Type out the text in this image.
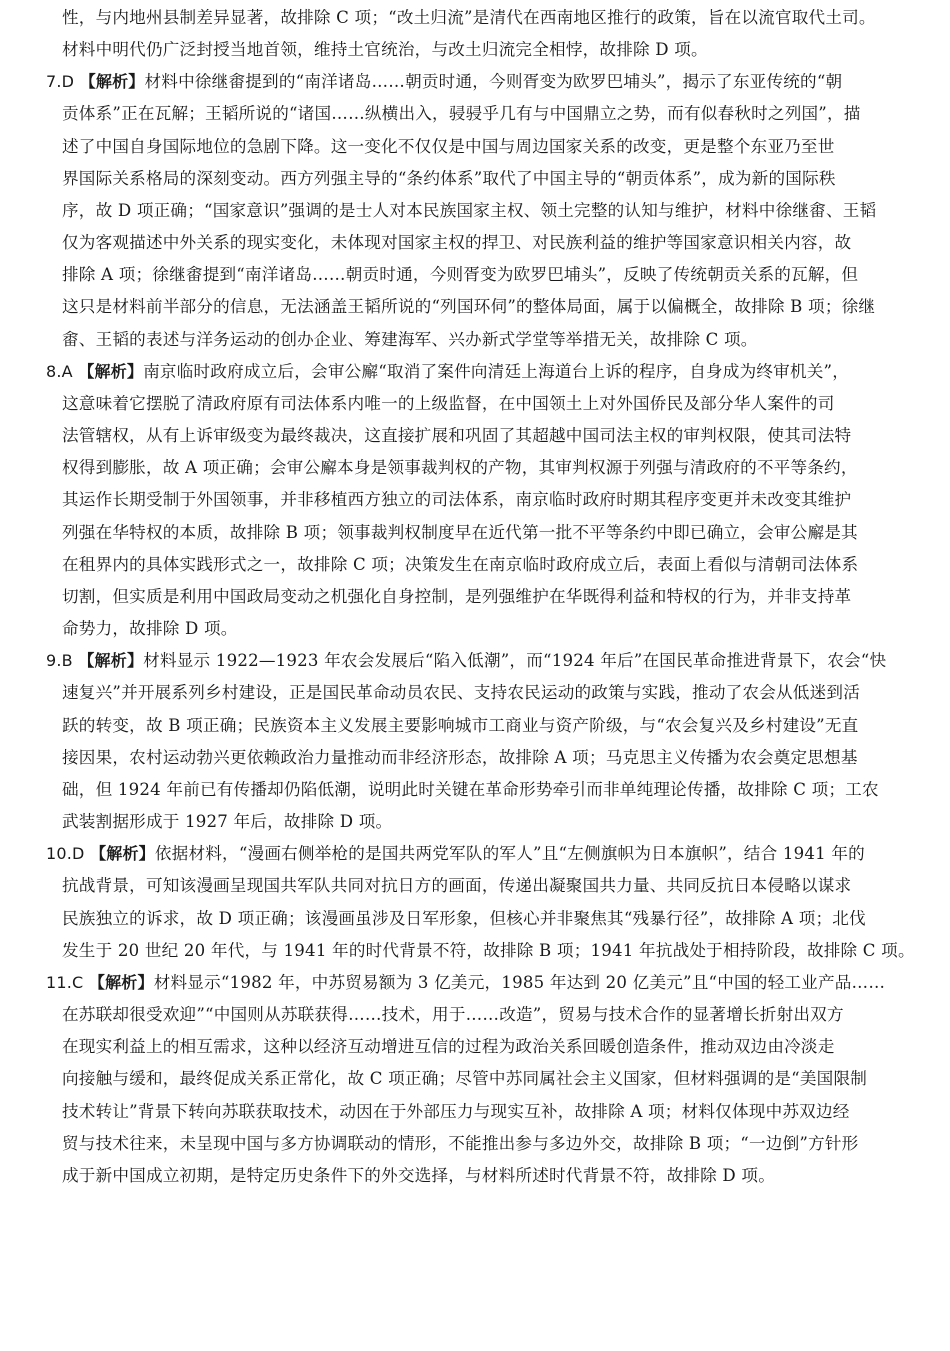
性，与内地州县制差异显著，故排除 C 项；“改土归流”是清代在西南地区推行的政策，旨在以流官取代土司。
材料中明代仍广泛封授当地首领，维持土官统治，与改土归流完全相悖，故排除 D 项。
7.D 【解析】材料中徐继畬提到的“南洋诸岛……朝贡时通，今则胥变为欧罗巴埔头”，揭示了东亚传统的“朝
贡体系”正在瓦解；王韬所说的“诸国……纵横出入，骎骎乎几有与中国鼎立之势，而有似春秋时之列国”，描
述了中国自身国际地位的急剧下降。这一变化不仅仅是中国与周边国家关系的改变，更是整个东亚乃至世
界国际关系格局的深刻变动。西方列强主导的“条约体系”取代了中国主导的“朝贡体系”，成为新的国际秩
序，故 D 项正确；“国家意识”强调的是士人对本民族国家主权、领土完整的认知与维护，材料中徐继畬、王韬
仅为客观描述中外关系的现实变化，未体现对国家主权的捍卫、对民族利益的维护等国家意识相关内容，故
排除 A 项；徐继畬提到“南洋诸岛……朝贡时通，今则胥变为欧罗巴埔头”，反映了传统朝贡关系的瓦解，但
这只是材料前半部分的信息，无法涵盖王韬所说的“列国环伺”的整体局面，属于以偏概全，故排除 B 项；徐继
畬、王韬的表述与洋务运动的创办企业、筹建海军、兴办新式学堂等举措无关，故排除 C 项。
8.A 【解析】南京临时政府成立后，会审公廨“取消了案件向清廷上海道台上诉的程序，自身成为终审机关”，
这意味着它摆脱了清政府原有司法体系内唯一的上级监督，在中国领土上对外国侨民及部分华人案件的司
法管辖权，从有上诉审级变为最终裁决，这直接扩展和巩固了其超越中国司法主权的审判权限，使其司法特
权得到膨胀，故 A 项正确；会审公廨本身是领事裁判权的产物，其审判权源于列强与清政府的不平等条约，
其运作长期受制于外国领事，并非移植西方独立的司法体系，南京临时政府时期其程序变更并未改变其维护
列强在华特权的本质，故排除 B 项；领事裁判权制度早在近代第一批不平等条约中即已确立，会审公廨是其
在租界内的具体实践形式之一，故排除 C 项；决策发生在南京临时政府成立后，表面上看似与清朝司法体系
切割，但实质是利用中国政局变动之机强化自身控制，是列强维护在华既得利益和特权的行为，并非支持革
命势力，故排除 D 项。
9.B 【解析】材料显示 1922—1923 年农会发展后“陷入低潮”，而“1924 年后”在国民革命推进背景下，农会“快
速复兴”并开展系列乡村建设，正是国民革命动员农民、支持农民运动的政策与实践，推动了农会从低迷到活
跃的转变，故 B 项正确；民族资本主义发展主要影响城市工商业与资产阶级，与“农会复兴及乡村建设”无直
接因果，农村运动勃兴更依赖政治力量推动而非经济形态，故排除 A 项；马克思主义传播为农会奠定思想基
础，但 1924 年前已有传播却仍陷低潮，说明此时关键在革命形势牵引而非单纯理论传播，故排除 C 项；工农
武装割据形成于 1927 年后，故排除 D 项。
10.D 【解析】依据材料，“漫画右侧举枪的是国共两党军队的军人”且“左侧旗帜为日本旗帜”，结合 1941 年的
抗战背景，可知该漫画呈现国共军队共同对抗日方的画面，传递出凝聚国共力量、共同反抗日本侵略以谋求
民族独立的诉求，故 D 项正确；该漫画虽涉及日军形象，但核心并非聚焦其“残暴行径”，故排除 A 项；北伐
发生于 20 世纪 20 年代，与 1941 年的时代背景不符，故排除 B 项；1941 年抗战处于相持阶段，故排除 C 项。
11.C 【解析】材料显示“1982 年，中苏贸易额为 3 亿美元，1985 年达到 20 亿美元”且“中国的轻工业产品……
在苏联却很受欢迎”“中国则从苏联获得……技术，用于……改造”，贸易与技术合作的显著增长折射出双方
在现实利益上的相互需求，这种以经济互动增进互信的过程为政治关系回暖创造条件，推动双边由冷淡走
向接触与缓和，最终促成关系正常化，故 C 项正确；尽管中苏同属社会主义国家，但材料强调的是“美国限制
技术转让”背景下转向苏联获取技术，动因在于外部压力与现实互补，故排除 A 项；材料仅体现中苏双边经
贸与技术往来，未呈现中国与多方协调联动的情形，不能推出参与多边外交，故排除 B 项；“一边倒”方针形
成于新中国成立初期，是特定历史条件下的外交选择，与材料所述时代背景不符，故排除 D 项。
